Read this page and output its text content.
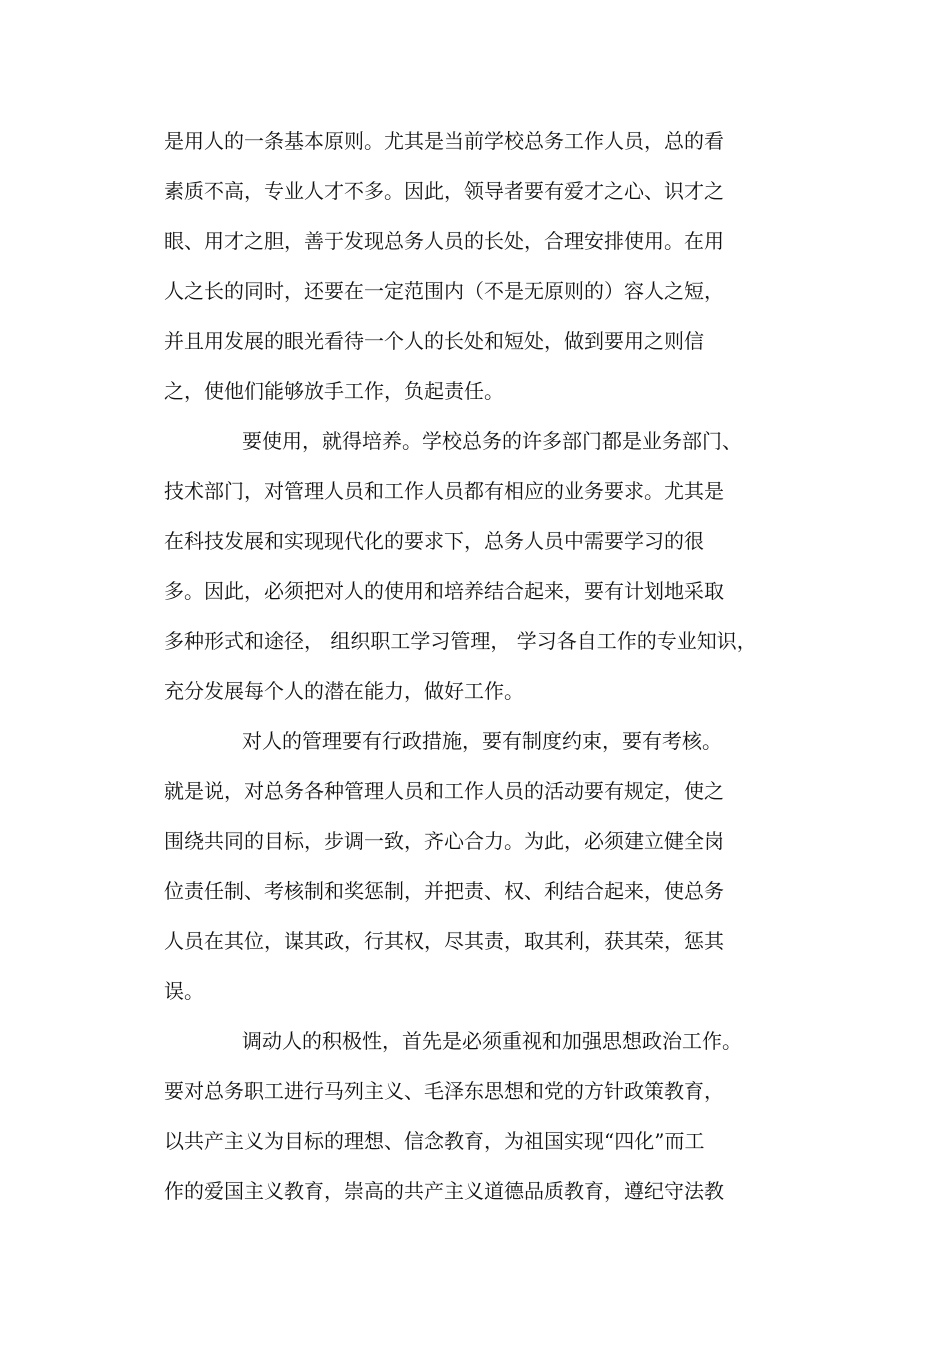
是用人的一条基本原则。尤其是当前学校总务工作人员，总的看
素质不高，专业人才不多。因此，领导者要有爱才之心、识才之
眼、用才之胆，善于发现总务人员的长处，合理安排使用。在用
人之长的同时，还要在一定范围内（不是无原则的）容人之短，
并且用发展的眼光看待一个人的长处和短处，做到要用之则信
之，使他们能够放手工作，负起责任。
要使用，就得培养。学校总务的许多部门都是业务部门、
技术部门，对管理人员和工作人员都有相应的业务要求。尤其是
在科技发展和实现现代化的要求下，总务人员中需要学习的很
多。因此，必须把对人的使用和培养结合起来，要有计划地采取
多种形式和途径， 组织职工学习管理， 学习各自工作的专业知识，
充分发展每个人的潜在能力，做好工作。
对人的管理要有行政措施，要有制度约束，要有考核。
就是说，对总务各种管理人员和工作人员的活动要有规定，使之
围绕共同的目标，步调一致，齐心合力。为此，必须建立健全岗
位责任制、考核制和奖惩制，并把责、权、利结合起来，使总务
人员在其位，谋其政，行其权，尽其责，取其利，获其荣，惩其
误。
调动人的积极性，首先是必须重视和加强思想政治工作。
要对总务职工进行马列主义、毛泽东思想和党的方针政策教育，
以共产主义为目标的理想、信念教育，为祖国实现“四化”而工
作的爱国主义教育，崇高的共产主义道德品质教育，遵纪守法教
